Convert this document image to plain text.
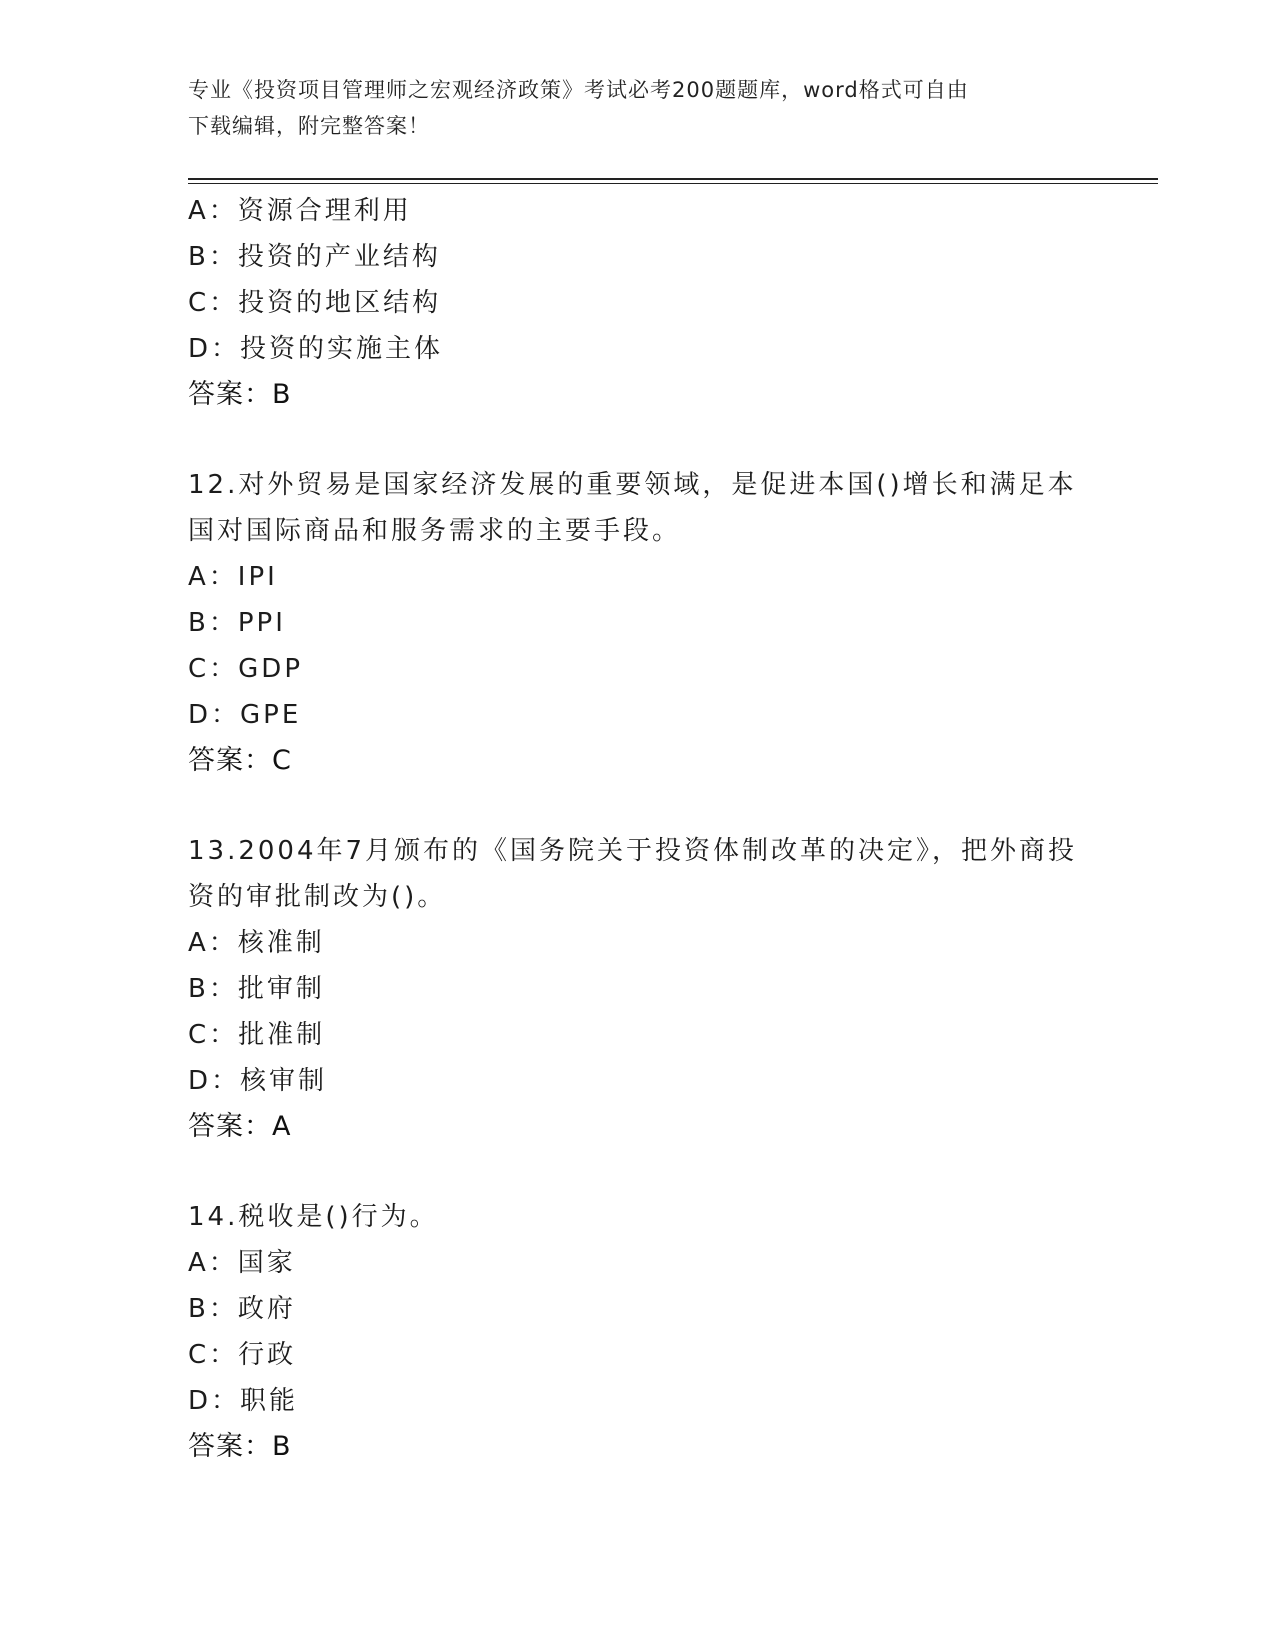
专业《投资项目管理师之宏观经济政策》考试必考200题题库，word格式可自由
下载编辑，附完整答案！
A：资源合理利用
B：投资的产业结构
C：投资的地区结构
D：投资的实施主体
答案：B
12.对外贸易是国家经济发展的重要领域，是促进本国()增长和满足本
国对国际商品和服务需求的主要手段。
A：IPI
B：PPI
C：GDP
D：GPE
答案：C
13.2004年7月颁布的《国务院关于投资体制改革的决定》，把外商投
资的审批制改为()。
A：核准制
B：批审制
C：批准制
D：核审制
答案：A
14.税收是()行为。
A：国家
B：政府
C：行政
D：职能
答案：B
